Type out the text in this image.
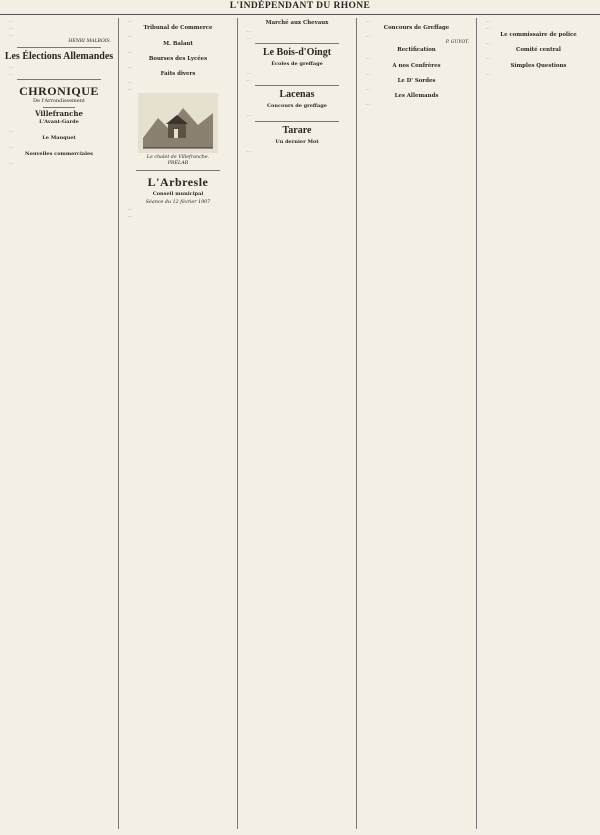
L'INDÉPENDANT DU RHONE

...

...

...

HENRI MALBOIS.
Les Élections Allemandes

...

...

CHRONIQUE
De l'Arrondissement
Villefranche
L'Avant-Garde

...

Le Mauquet

...

Nouvelles commerciales

...

...

Tribunal de Commerce

...

M. Balaut

...

Bourses des Lycées

...

Faits divers

...

...

Le chalet de Villefranche.
PRÉLAR
L'Arbresle
Conseil municipal
Séance du 12 février 1907

...

...

Marché aux Chevaux

...

...

Le Bois-d'Oingt
Écoles de greffage

...

...

Lacenas
Concours de greffage

...

Tarare
Un dernier Mot

...

...

Concours de Greffage

...

P. GUYOT.
Rectification

...

A nos Confrères

...

Le D' Sordes

...

Les Allemands

...

...

...

Le commissaire de police

...

Comité central

...

Simples Questions

...
